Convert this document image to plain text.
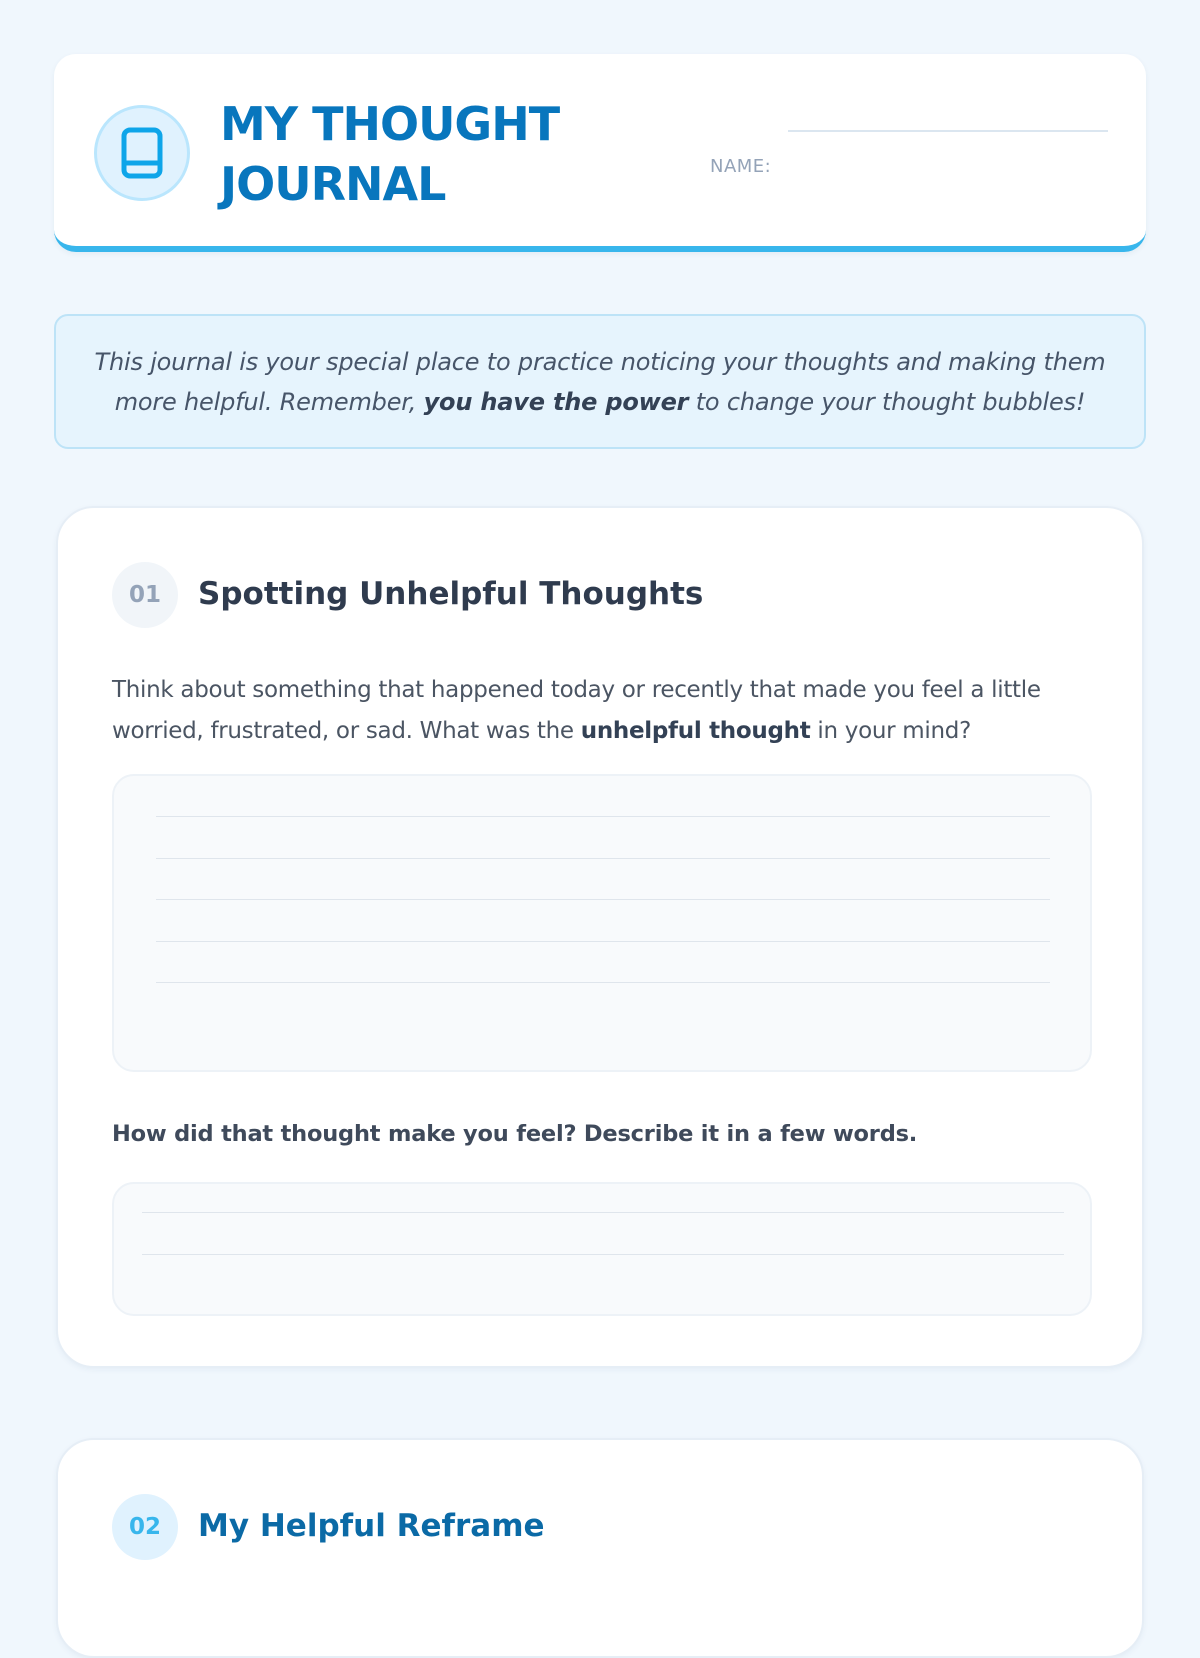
MY THOUGHT
JOURNAL	NAME:

This journal is your special place to practice noticing your thoughts and making them more helpful. Remember, you have the power to change your thought bubbles!

01	Spotting Unhelpful Thoughts

Think about something that happened today or recently that made you feel a little worried, frustrated, or sad. What was the unhelpful thought in your mind?

How did that thought make you feel? Describe it in a few words.

02	My Helpful Reframe
